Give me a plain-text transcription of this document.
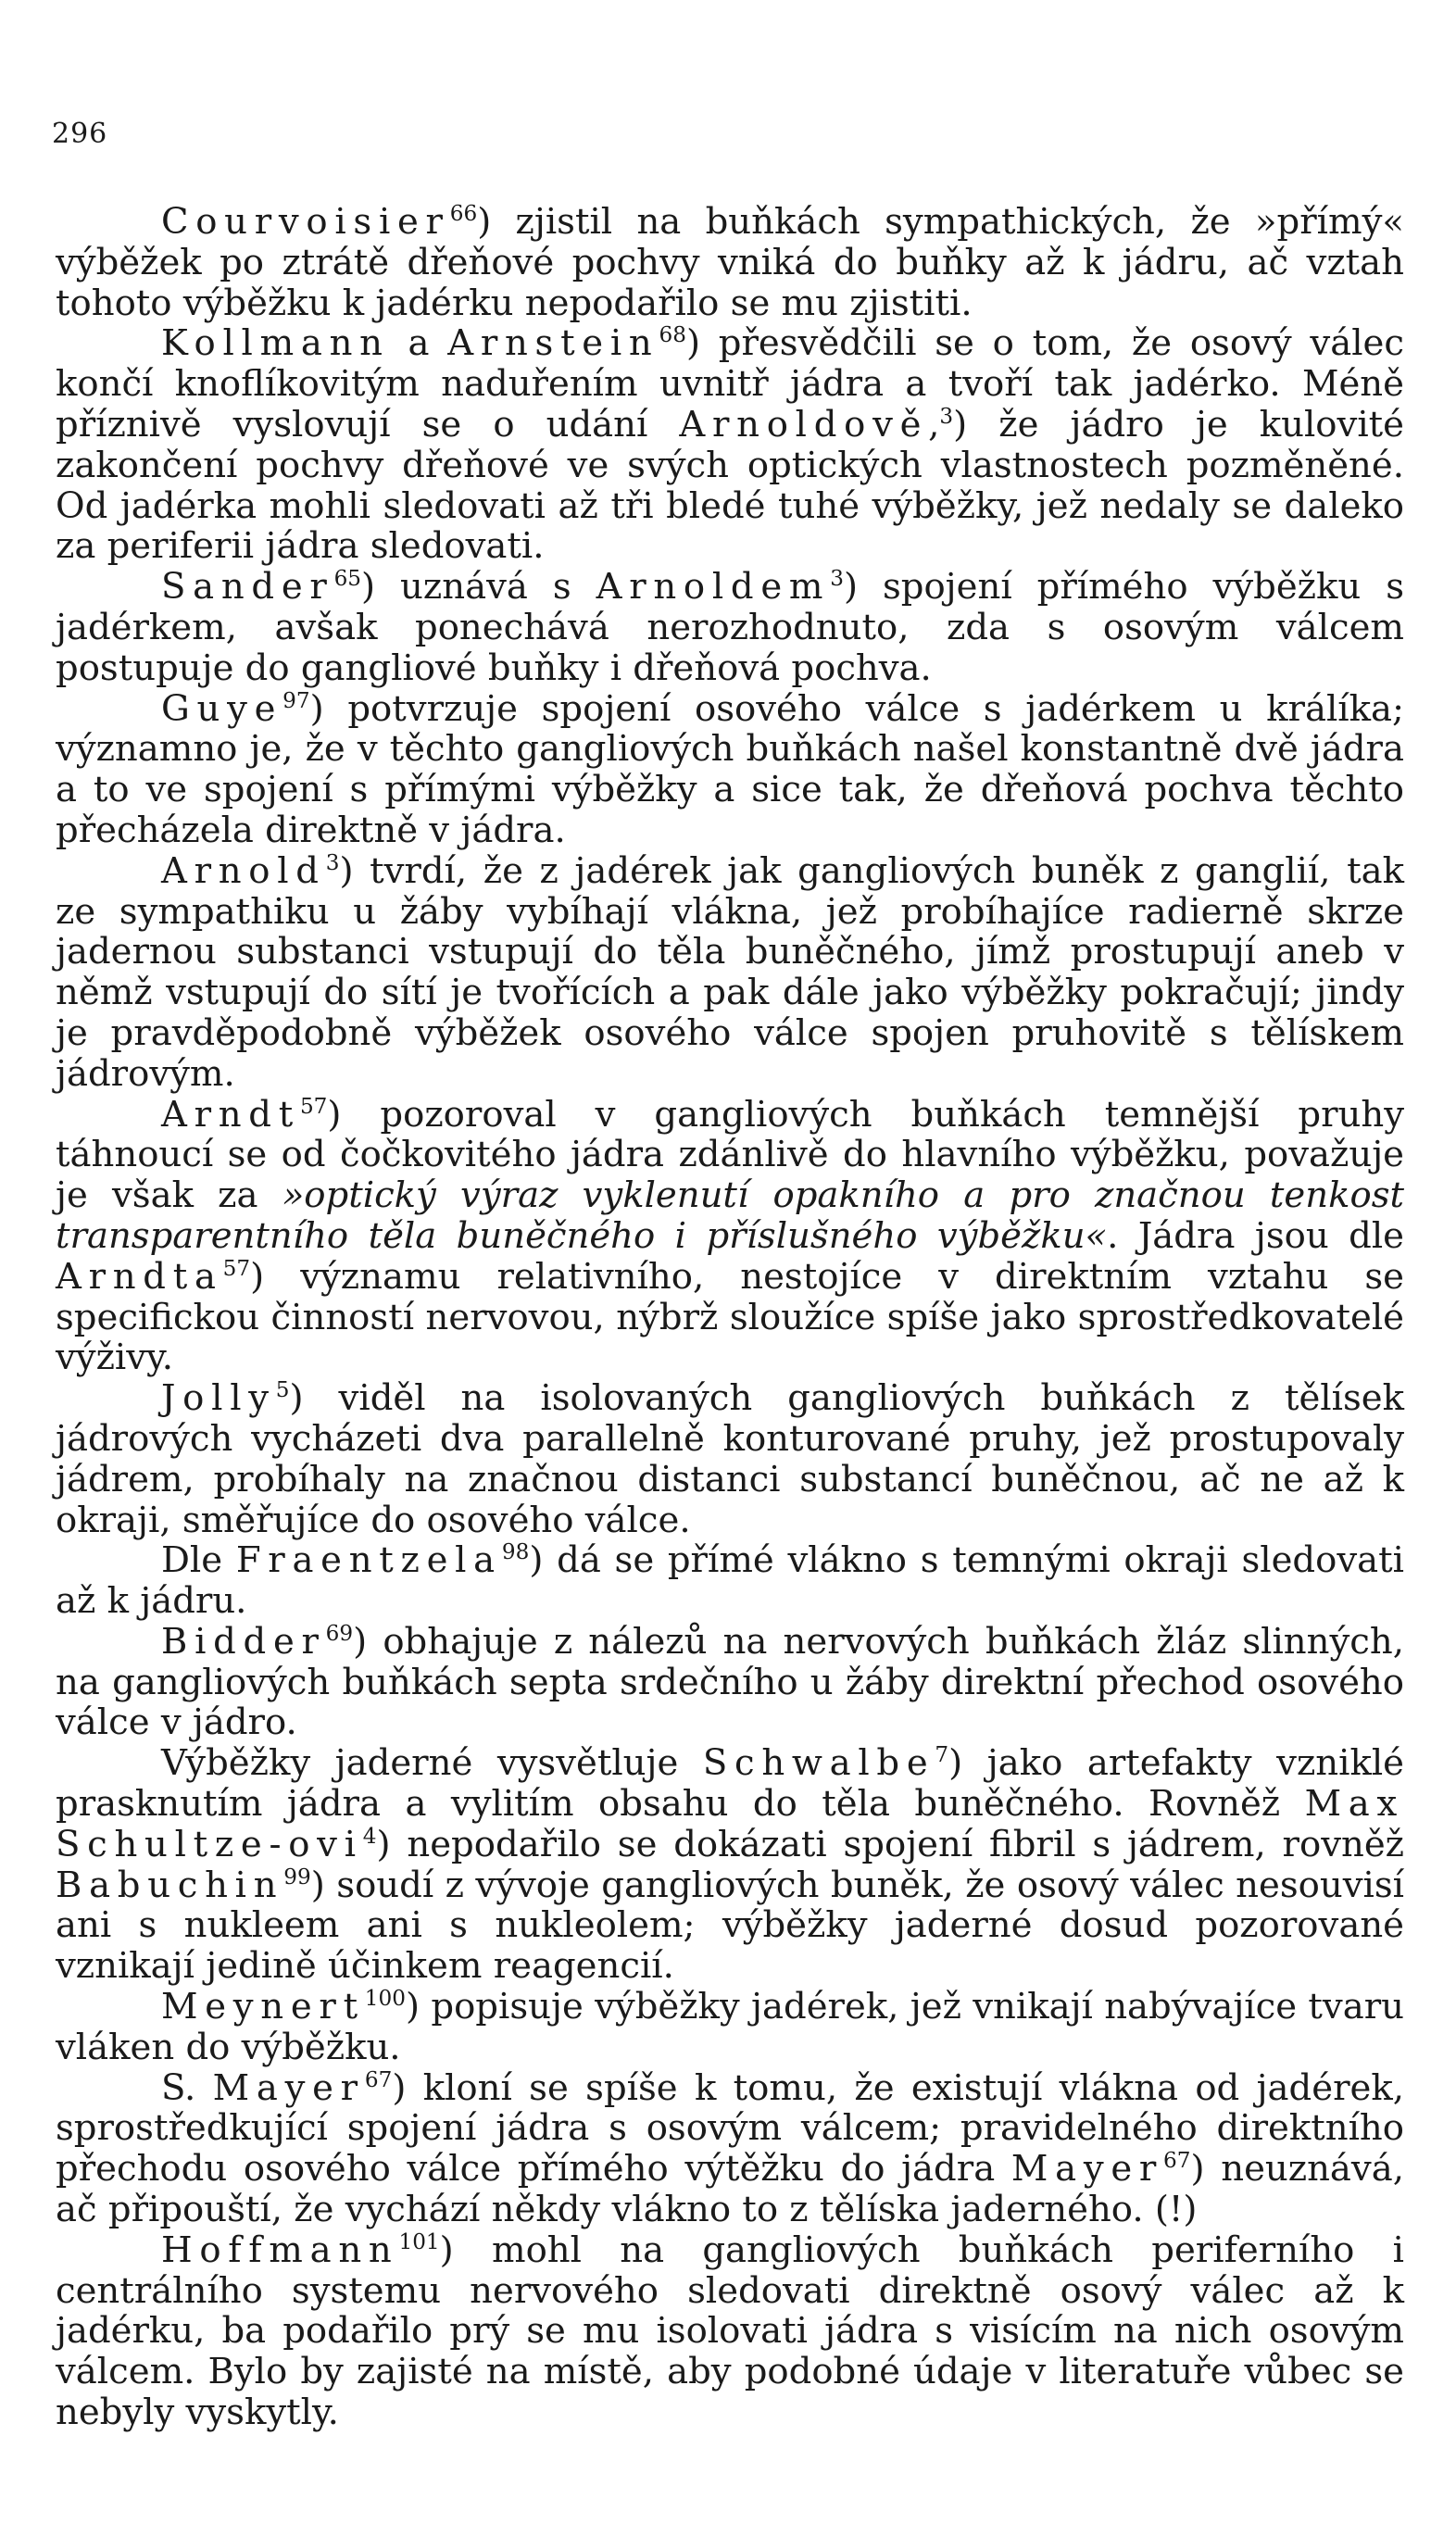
296

Courvoisier$^{66}$) zjistil na buňkách sympathických, že »přímý« výběžek po ztrátě dřeňové pochvy vniká do buňky až k jádru, ač vztah tohoto výběžku k jadérku nepodařilo se mu zjistiti.

Kollmann a Arnstein$^{68}$) přesvědčili se o tom, že osový válec končí knoflíkovitým naduřením uvnitř jádra a tvoří tak jadérko. Méně příznivě vyslovují se o udání Arnoldově,$^3$) že jádro je kulovité zakončení pochvy dřeňové ve svých optických vlastnostech pozměněné. Od jadérka mohli sledovati až tři bledé tuhé výběžky, jež nedaly se daleko za periferii jádra sledovati.

Sander$^{65}$) uznává s Arnoldem$^3$) spojení přímého výběžku s jadérkem, avšak ponechává nerozhodnuto, zda s osovým válcem postupuje do gangliové buňky i dřeňová pochva.

Guye$^{97}$) potvrzuje spojení osového válce s jadérkem u králíka; významno je, že v těchto gangliových buňkách našel konstantně dvě jádra a to ve spojení s přímými výběžky a sice tak, že dřeňová pochva těchto přecházela direktně v jádra.

Arnold$^3$) tvrdí, že z jadérek jak gangliových buněk z ganglií, tak ze sympathiku u žáby vybíhají vlákna, jež probíhajíce radierně skrze jadernou substanci vstupují do těla buněčného, jímž prostupují aneb v němž vstupují do sítí je tvořících a pak dále jako výběžky pokračují; jindy je pravděpodobně výběžek osového válce spojen pruhovitě s tělískem jádrovým.

Arndt$^{57}$) pozoroval v gangliových buňkách temnější pruhy táhnoucí se od čočkovitého jádra zdánlivě do hlavního výběžku, považuje je však za »optický výraz vyklenutí opakního a pro značnou tenkost transparentního těla buněčného i příslušného výběžku«. Jádra jsou dle Arndta$^{57}$) významu relativního, nestojíce v direktním vztahu se specifickou činností nervovou, nýbrž sloužíce spíše jako sprostředkovatelé výživy.

Jolly$^5$) viděl na isolovaných gangliových buňkách z tělísek jádrových vycházeti dva parallelně konturované pruhy, jež prostupovaly jádrem, probíhaly na značnou distanci substancí buněčnou, ač ne až k okraji, směřujíce do osového válce.

Dle Fraentzela$^{98}$) dá se přímé vlákno s temnými okraji sledovati až k jádru.

Bidder$^{69}$) obhajuje z nálezů na nervových buňkách žláz slinných, na gangliových buňkách septa srdečního u žáby direktní přechod osového válce v jádro.

Výběžky jaderné vysvětluje Schwalbe$^7$) jako artefakty vzniklé prasknutím jádra a vylitím obsahu do těla buněčného. Rovněž Max Schultze-ovi$^4$) nepodařilo se dokázati spojení fibril s jádrem, rovněž Babuchin$^{99}$) soudí z vývoje gangliových buněk, že osový válec nesouvisí ani s nukleem ani s nukleolem; výběžky jaderné dosud pozorované vznikají jedině účinkem reagencií.

Meynert$^{100}$) popisuje výběžky jadérek, jež vnikají nabývajíce tvaru vláken do výběžku.

S. Mayer$^{67}$) kloní se spíše k tomu, že existují vlákna od jadérek, sprostředkující spojení jádra s osovým válcem; pravidelného direktního přechodu osového válce přímého výtěžku do jádra Mayer$^{67}$) neuznává, ač připouští, že vychází někdy vlákno to z tělíska jaderného. (!)

Hoffmann$^{101}$) mohl na gangliových buňkách periferního i centrálního systemu nervového sledovati direktně osový válec až k jadérku, ba podařilo prý se mu isolovati jádra s visícím na nich osovým válcem. Bylo by zajisté na místě, aby podobné údaje v literatuře vůbec se nebyly vyskytly.
